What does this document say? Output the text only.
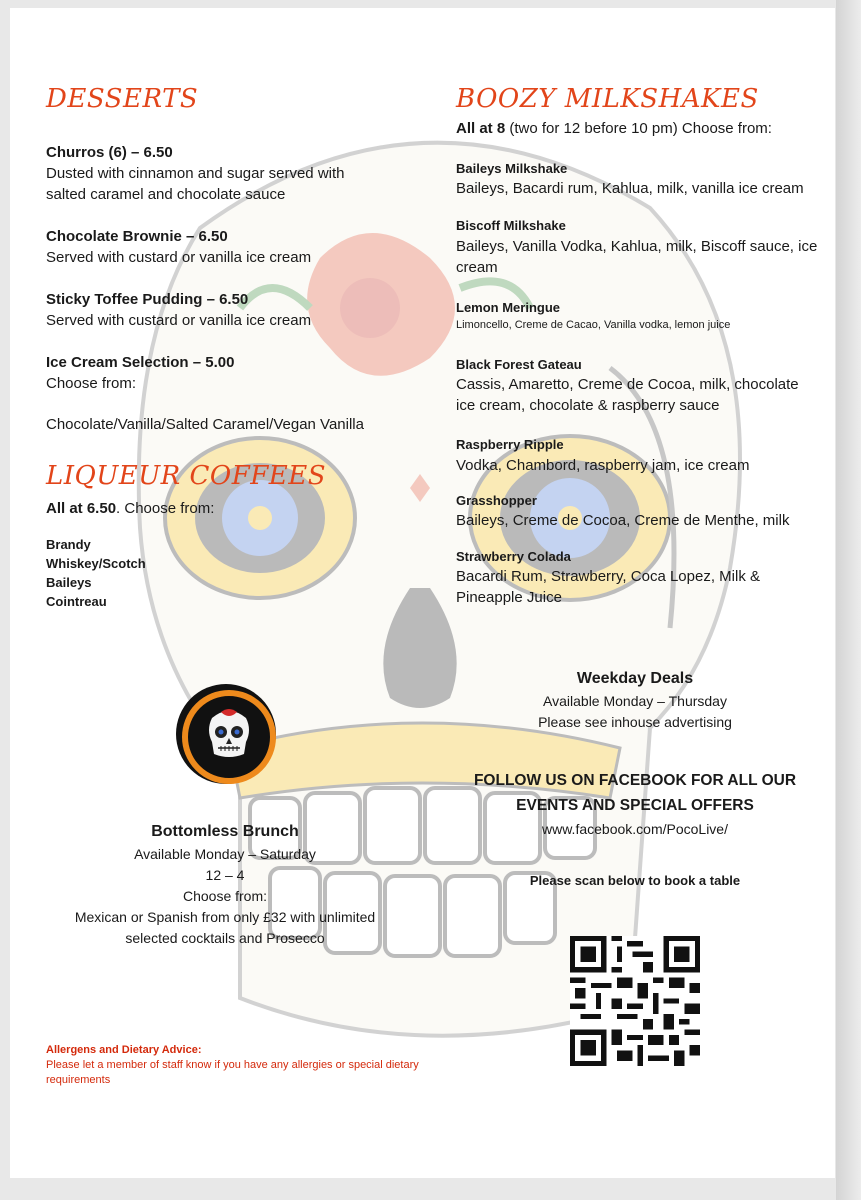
DESSERTS
Churros (6) – 6.50
Dusted with cinnamon and sugar served with salted caramel and chocolate sauce
Chocolate Brownie – 6.50
Served with custard or vanilla ice cream
Sticky Toffee Pudding – 6.50
Served with custard or vanilla ice cream
Ice Cream Selection – 5.00
Choose from:
Chocolate/Vanilla/Salted Caramel/Vegan Vanilla
LIQUEUR COFFEES
All at 6.50. Choose from:
Brandy
Whiskey/Scotch
Baileys
Cointreau
BOOZY MILKSHAKES
All at 8 (two for 12 before 10 pm) Choose from:
Baileys Milkshake
Baileys, Bacardi rum, Kahlua, milk, vanilla ice cream
Biscoff Milkshake
Baileys, Vanilla Vodka, Kahlua, milk, Biscoff sauce, ice cream
Lemon Meringue
Limoncello, Creme de Cacao, Vanilla vodka, lemon juice
Black Forest Gateau
Cassis, Amaretto, Creme de Cocoa, milk, chocolate ice cream, chocolate & raspberry sauce
Raspberry Ripple
Vodka, Chambord, raspberry jam, ice cream
Grasshopper
Baileys, Creme de Cocoa, Creme de Menthe, milk
Strawberry Colada
Bacardi Rum, Strawberry, Coca Lopez, Milk & Pineapple Juice
Weekday Deals
Available Monday – Thursday
Please see inhouse advertising
FOLLOW US ON FACEBOOK FOR ALL OUR
EVENTS AND SPECIAL OFFERS
www.facebook.com/PocoLive/
Please scan below to book a table
Bottomless Brunch
Available Monday – Saturday
12 – 4
Choose from:
Mexican or Spanish from only £32 with unlimited
selected cocktails and Prosecco
Allergens and Dietary Advice:
Please let a member of staff know if you have any allergies or special dietary requirements
